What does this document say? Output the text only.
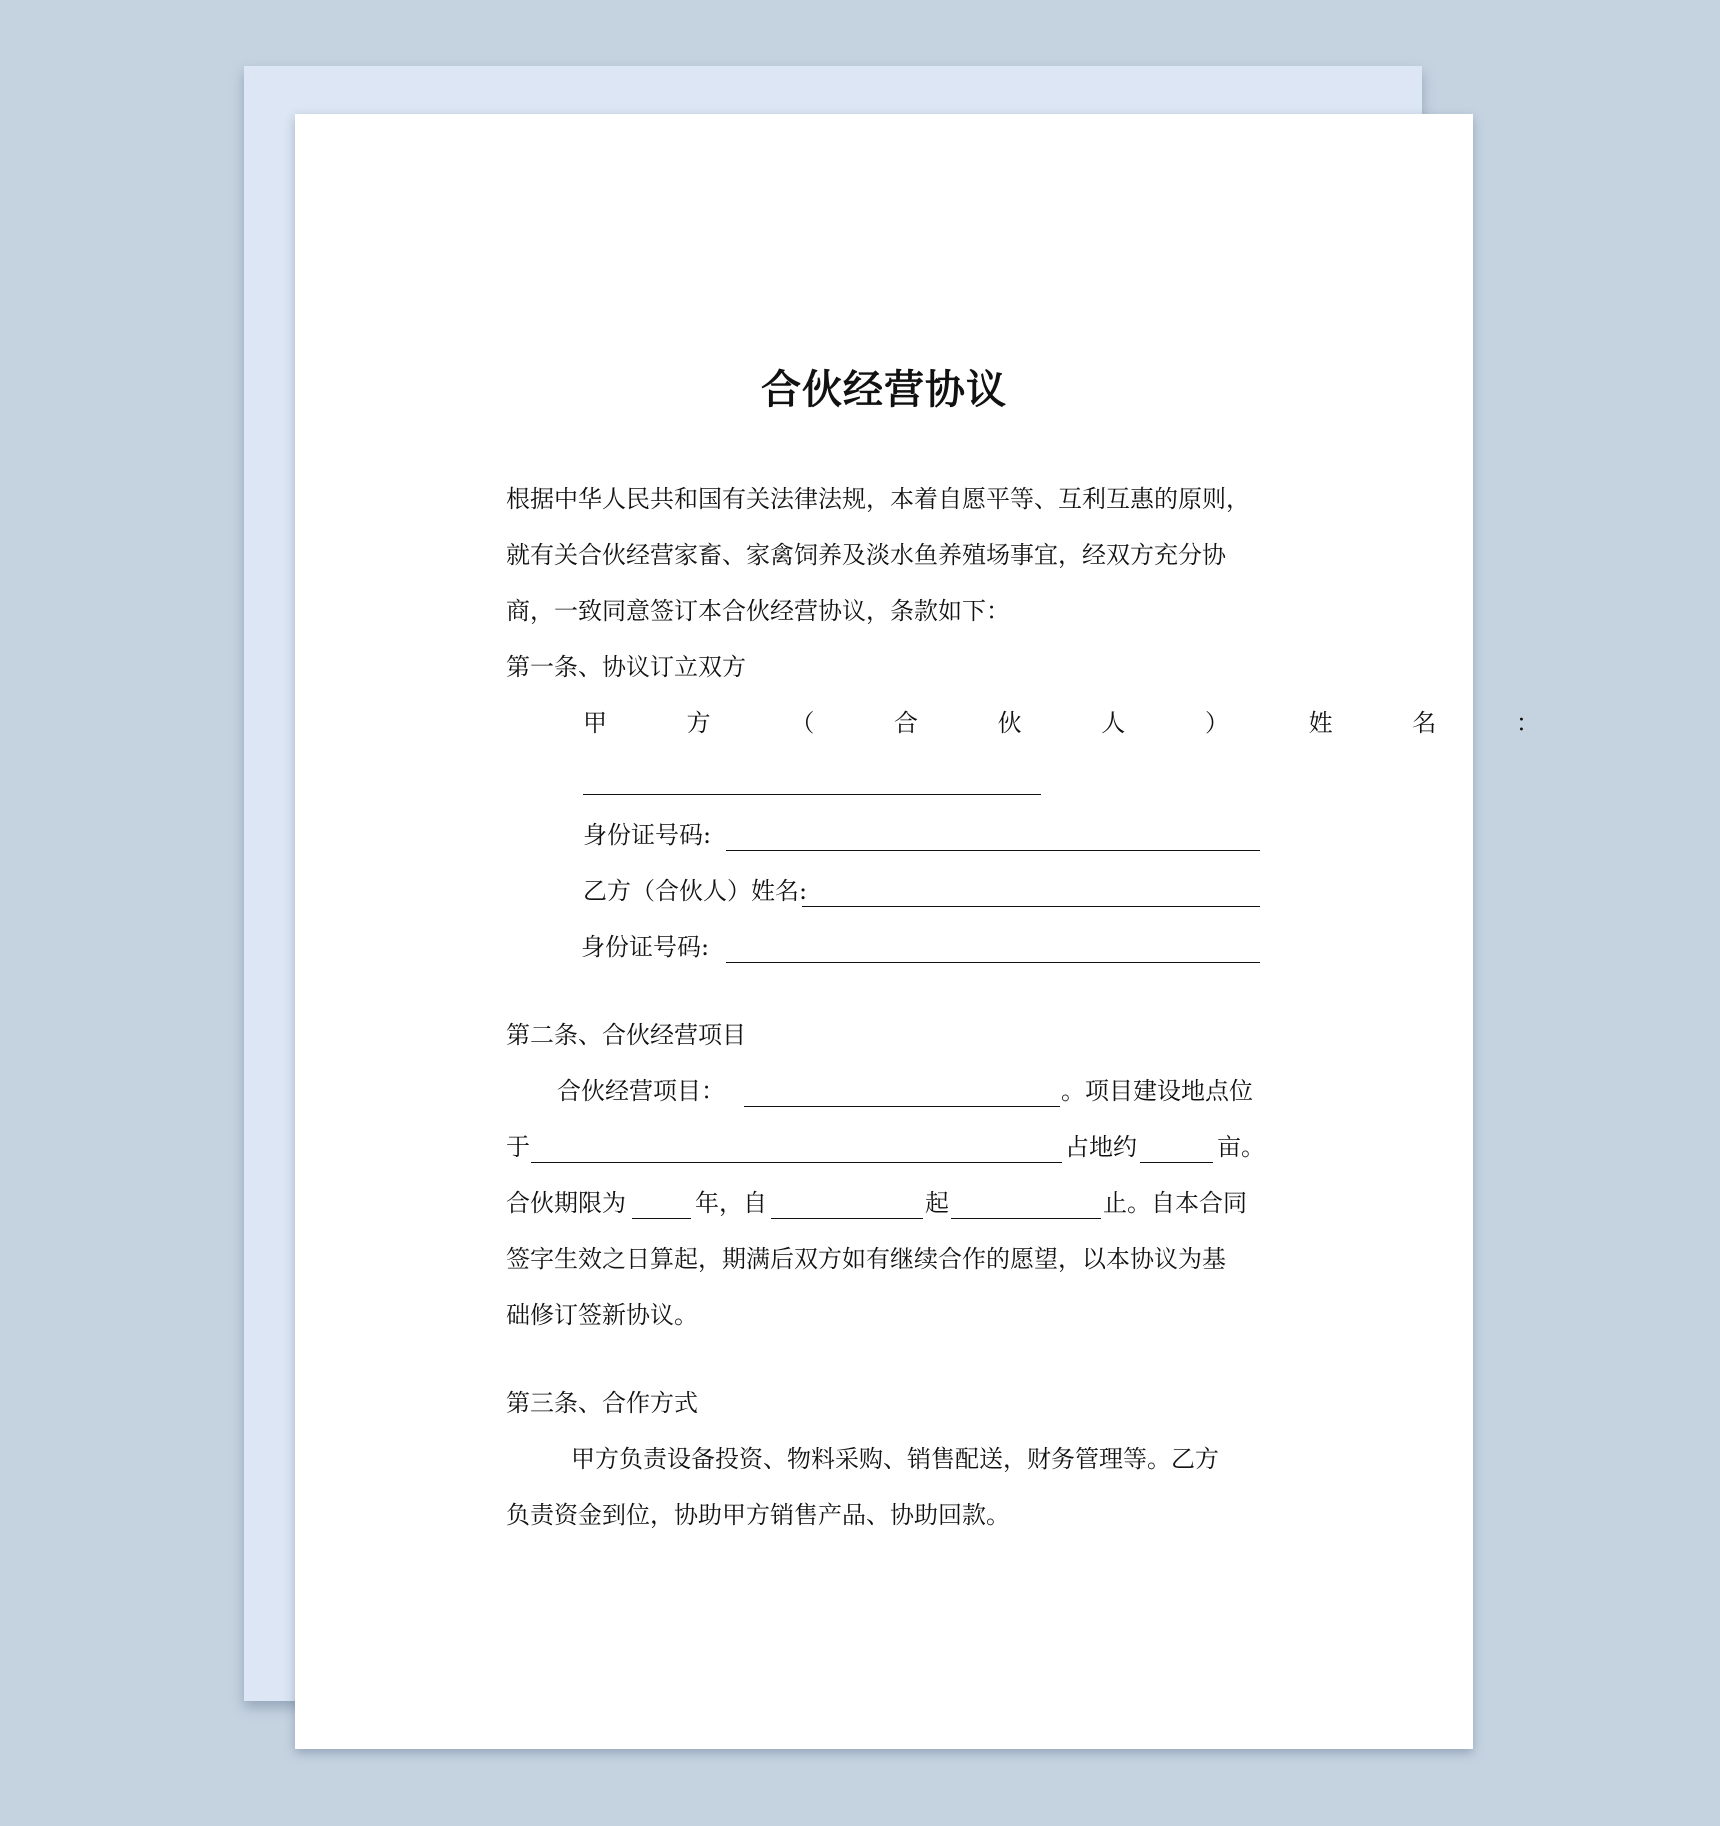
合伙经营协议
根据中华人民共和国有关法律法规，本着自愿平等、互利互惠的原则，
就有关合伙经营家畜、家禽饲养及淡水鱼养殖场事宜，经双方充分协
商，一致同意签订本合伙经营协议，条款如下：
第一条、协议订立双方
甲	方	（	合	伙	人	）	姓	名	：
身份证号码:
乙方（合伙人）姓名:
身份证号码:
第二条、合伙经营项目
合伙经营项目：	。项目建设地点位
于	占地约	亩。
合伙期限为	年，自	起	止。自本合同
签字生效之日算起，期满后双方如有继续合作的愿望，以本协议为基
础修订签新协议。
第三条、合作方式
甲方负责设备投资、物料采购、销售配送，财务管理等。乙方
负责资金到位，协助甲方销售产品、协助回款。
